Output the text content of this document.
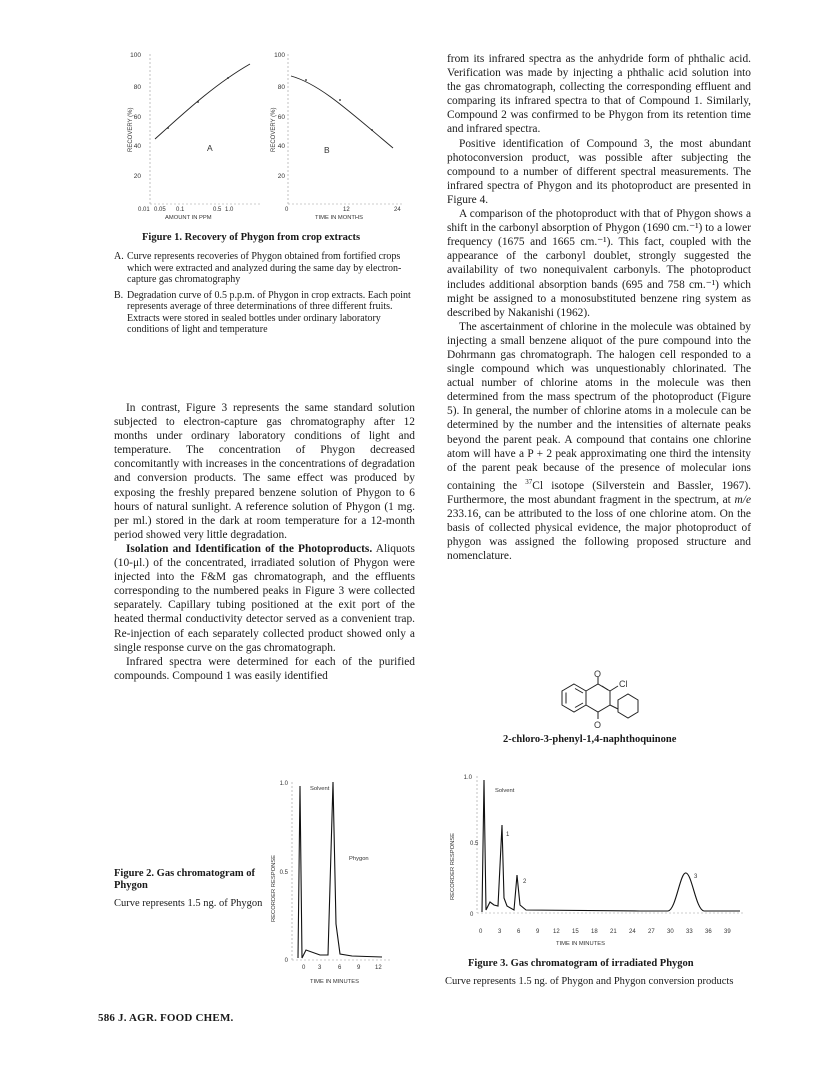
100
80
60
40
20
RECOVERY (%)	A
0.01 0.05 0.1	0.5 1.0
AMOUNT IN PPM
100
80
60
40
20
RECOVERY (%)	B
0	12	24
TIME IN MONTHS
Figure 1. Recovery of Phygon from crop extracts
A. Curve represents recoveries of Phygon obtained from fortified crops which were extracted and analyzed during the same day by electron-capture gas chromatography
B. Degradation curve of 0.5 p.p.m. of Phygon in crop extracts. Each point represents average of three determinations of three different fruits. Extracts were stored in sealed bottles under ordinary laboratory conditions of light and temperature

In contrast, Figure 3 represents the same standard solution subjected to electron-capture gas chromatography after 12 months under ordinary laboratory conditions of light and temperature. The concentration of Phygon decreased concomitantly with increases in the concentrations of degradation and conversion products. The same effect was produced by exposing the freshly prepared benzene solution of Phygon to 6 hours of natural sunlight. A reference solution of Phygon (1 mg. per ml.) stored in the dark at room temperature for a 12-month period showed very little degradation.

Isolation and Identification of the Photoproducts. Aliquots (10-μl.) of the concentrated, irradiated solution of Phygon were injected into the F&M gas chromatograph, and the effluents corresponding to the numbered peaks in Figure 3 were collected separately. Capillary tubing positioned at the exit port of the heated thermal conductivity detector served as a convenient trap. Re-injection of each separately collected product showed only a single response curve on the gas chromatograph.

Infrared spectra were determined for each of the purified compounds. Compound 1 was easily identified

from its infrared spectra as the anhydride form of phthalic acid. Verification was made by injecting a phthalic acid solution into the gas chromatograph, collecting the corresponding effluent and comparing its infrared spectra to that of Compound 1. Similarly, Compound 2 was confirmed to be Phygon from its retention time and infrared spectra.

Positive identification of Compound 3, the most abundant photoconversion product, was possible after subjecting the compound to a number of different spectral measurements. The infrared spectra of Phygon and its photoproduct are presented in Figure 4.

A comparison of the photoproduct with that of Phygon shows a shift in the carbonyl absorption of Phygon (1690 cm.⁻¹) to a lower frequency (1675 and 1665 cm.⁻¹). This fact, coupled with the appearance of the carbonyl doublet, strongly suggested the availability of two nonequivalent carbonyls. The photoproduct includes additional absorption bands (695 and 758 cm.⁻¹) which might be assigned to a monosubstituted benzene ring system as described by Nakanishi (1962).

The ascertainment of chlorine in the molecule was obtained by injecting a small benzene aliquot of the pure compound into the Dohrmann gas chromatograph. The halogen cell responded to a single compound which was unquestionably chlorinated. The actual number of chlorine atoms in the molecule was then determined from the mass spectrum of the photoproduct (Figure 5). In general, the number of chlorine atoms in a molecule can be determined by the number and the intensities of alternate peaks beyond the parent peak. A compound that contains one chlorine atom will have a P + 2 peak approximating one third the intensity of the parent peak because of the presence of molecular ions containing the $^{37}$Cl isotope (Silverstein and Bassler, 1967). Furthermore, the most abundant fragment in the spectrum, at m/e 233.16, can be attributed to the loss of one chlorine atom. On the basis of collected physical evidence, the major photoproduct of phygon was assigned the following proposed structure and nomenclature.

O
O
Cl
2-chloro-3-phenyl-1,4-naphthoquinone
1.0
0.5
0
RECORDER RESPONSE
Solvent
Phygon
0 3	6	9 12
TIME IN MINUTES
Figure 2. Gas chromatogram of Phygon
Curve represents 1.5 ng. of Phygon
1.0
0.5
0
RECORDER RESPONSE
Solvent
1
2
3
0	3	6	9 12 15 18 21 24 27 30 33 36 39
TIME IN MINUTES
Figure 3. Gas chromatogram of irradiated Phygon
Curve represents 1.5 ng. of Phygon and Phygon conversion products
586 J. AGR. FOOD CHEM.
